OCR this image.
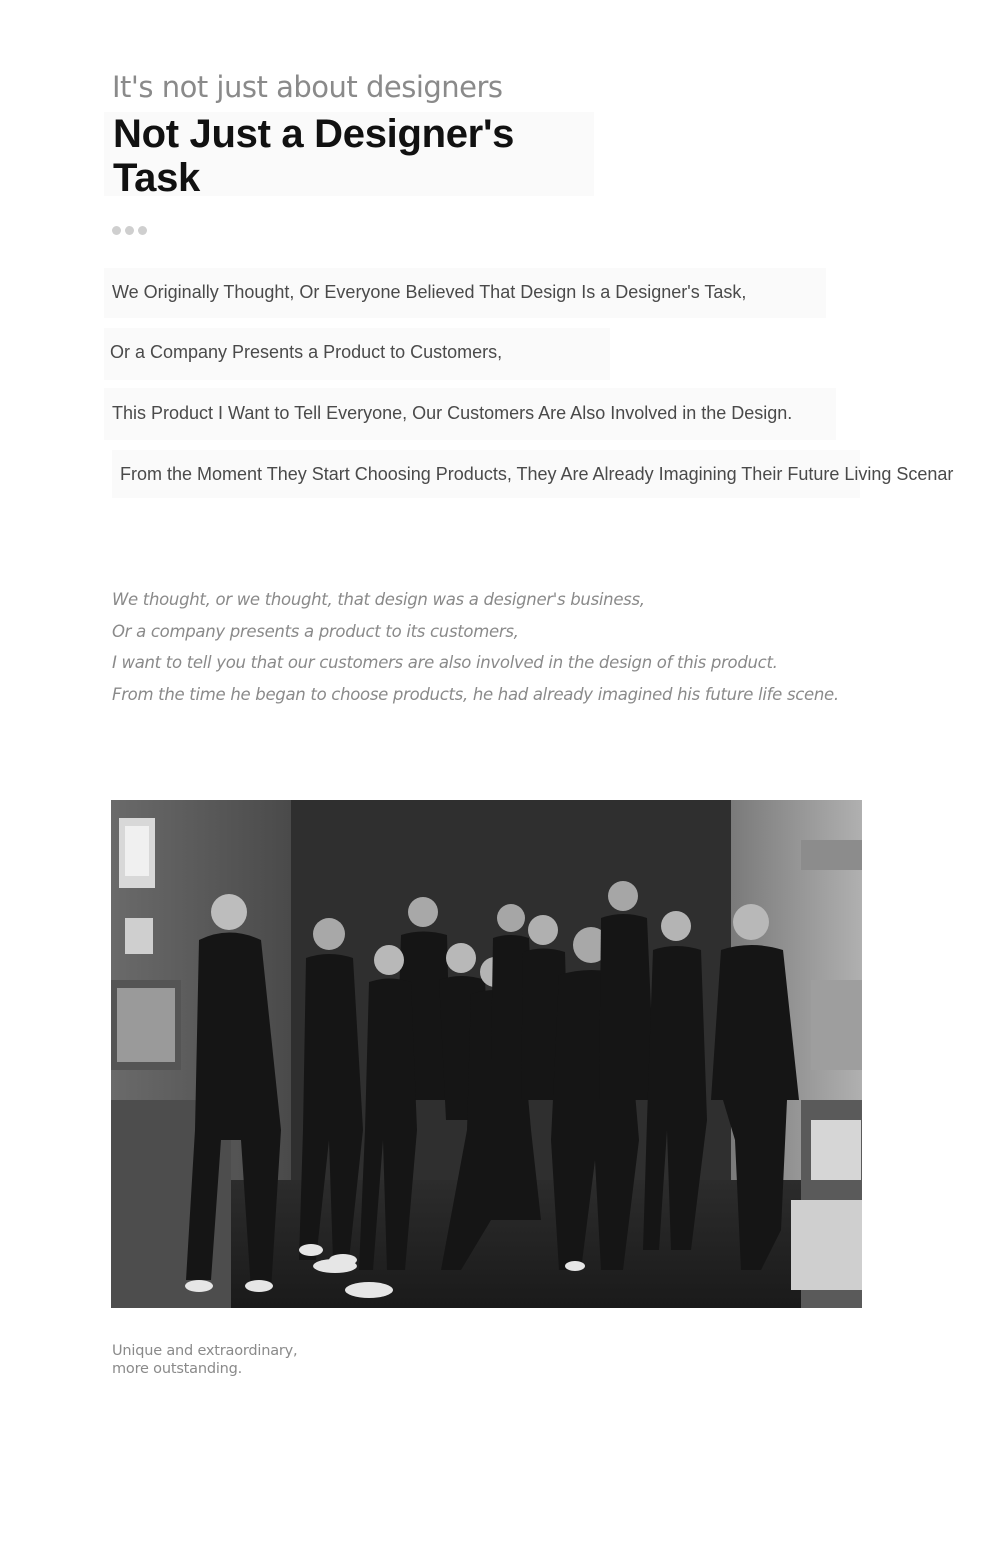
It's not just about designers
Not Just a Designer's Task
We Originally Thought, Or Everyone Believed That Design Is a Designer's Task,
Or a Company Presents a Product to Customers,
This Product I Want to Tell Everyone, Our Customers Are Also Involved in the Design.
From the Moment They Start Choosing Products, They Are Already Imagining Their Future Living Scenar
We thought, or we thought, that design was a designer's business,
Or a company presents a product to its customers,
I want to tell you that our customers are also involved in the design of this product.
From the time he began to choose products, he had already imagined his future life scene.
Unique and extraordinary,
more outstanding.
